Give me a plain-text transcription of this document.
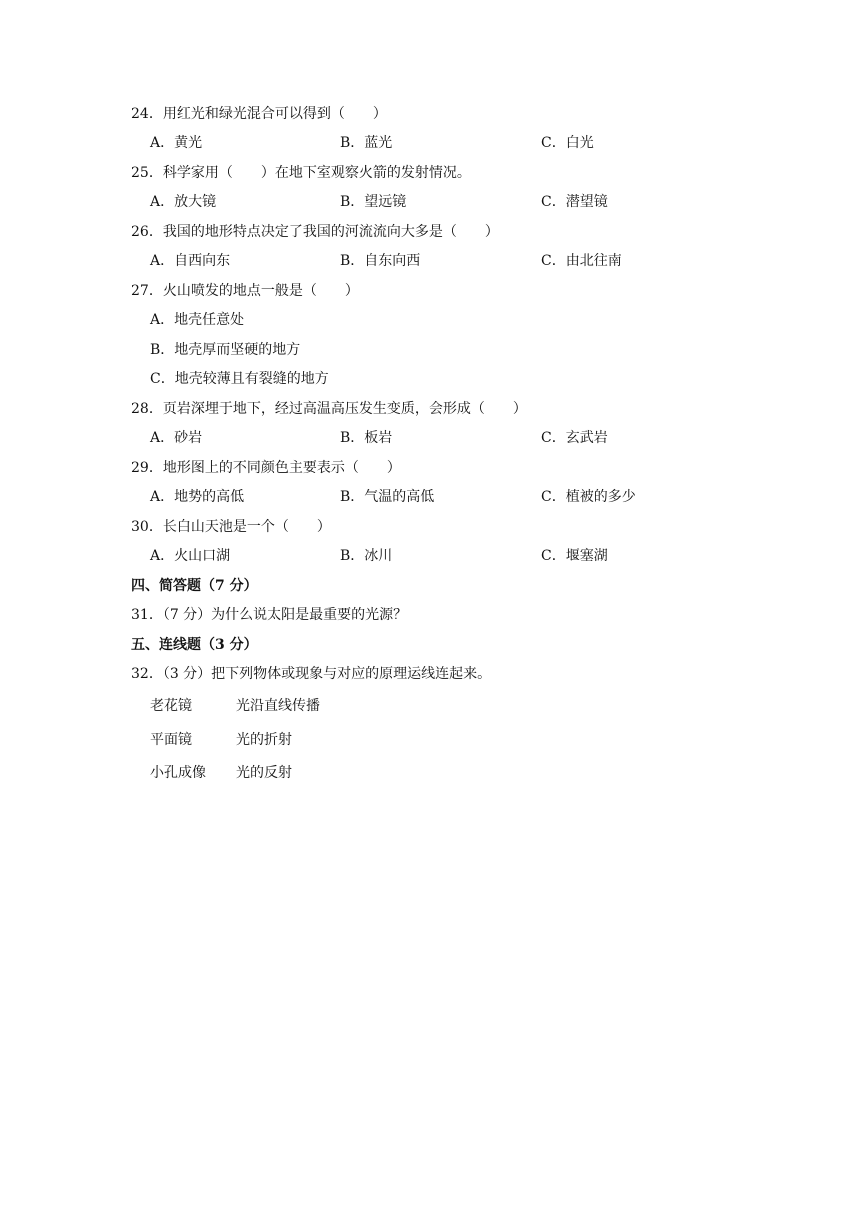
24．用红光和绿光混合可以得到（　　）
A．黄光	B．蓝光	C．白光
25．科学家用（　　）在地下室观察火箭的发射情况。
A．放大镜	B．望远镜	C．潜望镜
26．我国的地形特点决定了我国的河流流向大多是（　　）
A．自西向东	B．自东向西	C．由北往南
27．火山喷发的地点一般是（　　）
A．地壳任意处
B．地壳厚而坚硬的地方
C．地壳较薄且有裂缝的地方
28．页岩深埋于地下，经过高温高压发生变质，会形成（　　）
A．砂岩	B．板岩	C．玄武岩
29．地形图上的不同颜色主要表示（　　）
A．地势的高低	B．气温的高低	C．植被的多少
30．长白山天池是一个（　　）
A．火山口湖	B．冰川	C．堰塞湖
四、简答题（7 分）
31．（7 分）为什么说太阳是最重要的光源？
五、连线题（3 分）
32．（3 分）把下列物体或现象与对应的原理运线连起来。
老花镜	光沿直线传播
平面镜	光的折射
小孔成像 光的反射
